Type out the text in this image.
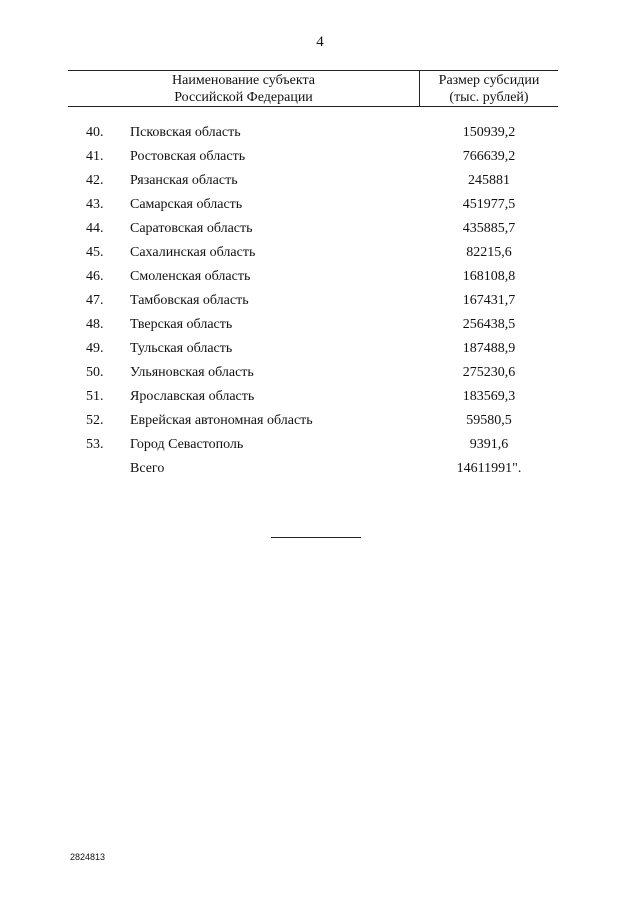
4
Наименование субъекта
Российской Федерации
Размер субсидии
(тыс. рублей)
40.	Псковская область	150939,2
41.	Ростовская область	766639,2
42.	Рязанская область	245881
43.	Самарская область	451977,5
44.	Саратовская область	435885,7
45.	Сахалинская область	82215,6
46.	Смоленская область	168108,8
47.	Тамбовская область	167431,7
48.	Тверская область	256438,5
49.	Тульская область	187488,9
50.	Ульяновская область	275230,6
51.	Ярославская область	183569,3
52.	Еврейская автономная область	59580,5
53.	Город Севастополь	9391,6
Всего	14611991".
2824813
